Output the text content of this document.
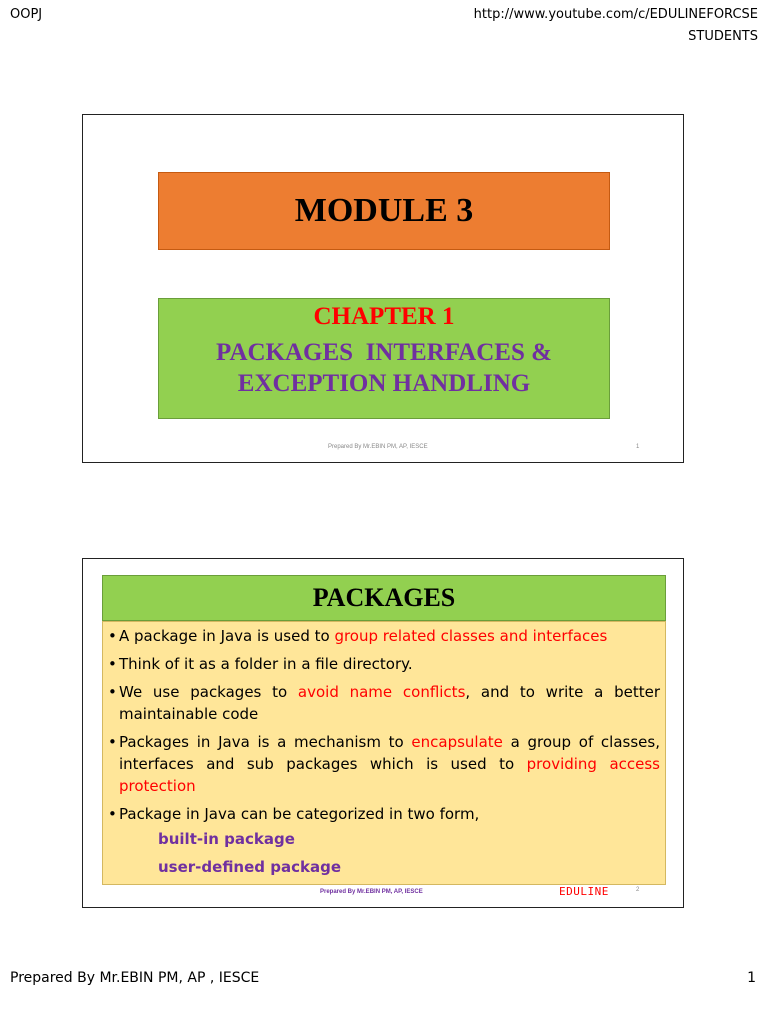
OOPJ	http://www.youtube.com/c/EDULINEFORCSE
STUDENTS
MODULE 3
CHAPTER 1
PACKAGES  INTERFACES &
EXCEPTION HANDLING
Prepared By Mr.EBIN PM, AP, IESCE	1
PACKAGES
• A package in Java is used to group related classes and interfaces
• Think of it as a folder in a file directory.
• We use packages to avoid name conflicts, and to write a better maintainable code
• Packages in Java is a mechanism to encapsulate a group of classes, interfaces and sub packages which is used to providing access protection
• Package in Java can be categorized in two form,
built-in package
user-defined package
Prepared By Mr.EBIN PM, AP, IESCE	EDULINE	2
Prepared By Mr.EBIN PM, AP , IESCE	1
